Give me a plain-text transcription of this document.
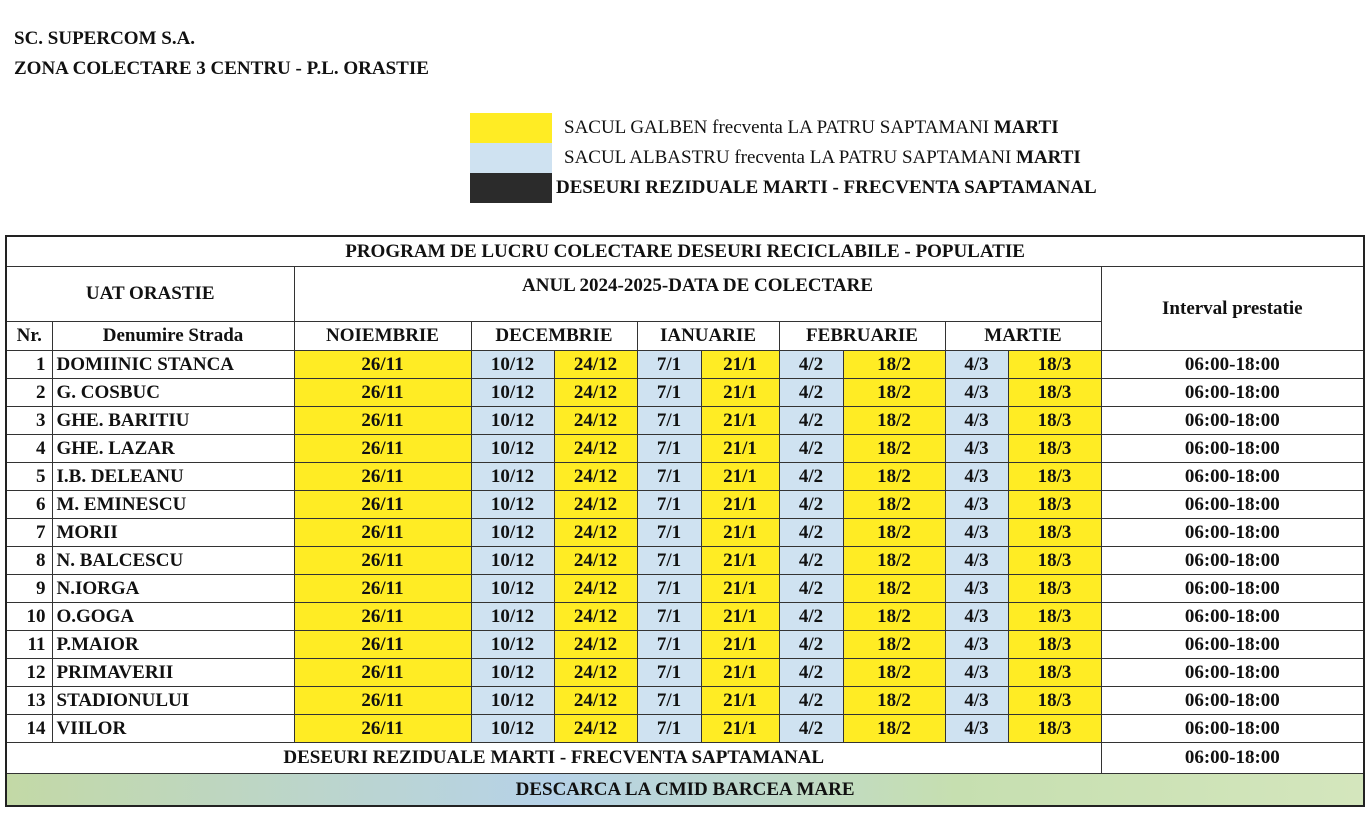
SC. SUPERCOM S.A.
ZONA COLECTARE 3 CENTRU - P.L. ORASTIE
SACUL GALBEN frecventa LA PATRU SAPTAMANI MARTI
SACUL ALBASTRU frecventa LA PATRU SAPTAMANI MARTI
DESEURI REZIDUALE MARTI - FRECVENTA SAPTAMANAL
PROGRAM DE LUCRU COLECTARE DESEURI RECICLABILE - POPULATIE											
UAT ORASTIE		ANUL 2024-2025-DATA DE COLECTARE									Interval prestatie
Nr.	Denumire Strada	NOIEMBRIE	DECEMBRIE		IANUARIE		FEBRUARIE		MARTIE		
1	DOMIINIC STANCA	26/11	10/12	24/12	7/1	21/1	4/2	18/2	4/3	18/3	06:00-18:00
2	G. COSBUC	26/11	10/12	24/12	7/1	21/1	4/2	18/2	4/3	18/3	06:00-18:00
3	GHE. BARITIU	26/11	10/12	24/12	7/1	21/1	4/2	18/2	4/3	18/3	06:00-18:00
4	GHE. LAZAR	26/11	10/12	24/12	7/1	21/1	4/2	18/2	4/3	18/3	06:00-18:00
5	I.B. DELEANU	26/11	10/12	24/12	7/1	21/1	4/2	18/2	4/3	18/3	06:00-18:00
6	M. EMINESCU	26/11	10/12	24/12	7/1	21/1	4/2	18/2	4/3	18/3	06:00-18:00
7	MORII	26/11	10/12	24/12	7/1	21/1	4/2	18/2	4/3	18/3	06:00-18:00
8	N. BALCESCU	26/11	10/12	24/12	7/1	21/1	4/2	18/2	4/3	18/3	06:00-18:00
9	N.IORGA	26/11	10/12	24/12	7/1	21/1	4/2	18/2	4/3	18/3	06:00-18:00
10	O.GOGA	26/11	10/12	24/12	7/1	21/1	4/2	18/2	4/3	18/3	06:00-18:00
11	P.MAIOR	26/11	10/12	24/12	7/1	21/1	4/2	18/2	4/3	18/3	06:00-18:00
12	PRIMAVERII	26/11	10/12	24/12	7/1	21/1	4/2	18/2	4/3	18/3	06:00-18:00
13	STADIONULUI	26/11	10/12	24/12	7/1	21/1	4/2	18/2	4/3	18/3	06:00-18:00
14	VIILOR	26/11	10/12	24/12	7/1	21/1	4/2	18/2	4/3	18/3	06:00-18:00
DESEURI REZIDUALE MARTI - FRECVENTA SAPTAMANAL											06:00-18:00
DESCARCA LA CMID BARCEA MARE											
